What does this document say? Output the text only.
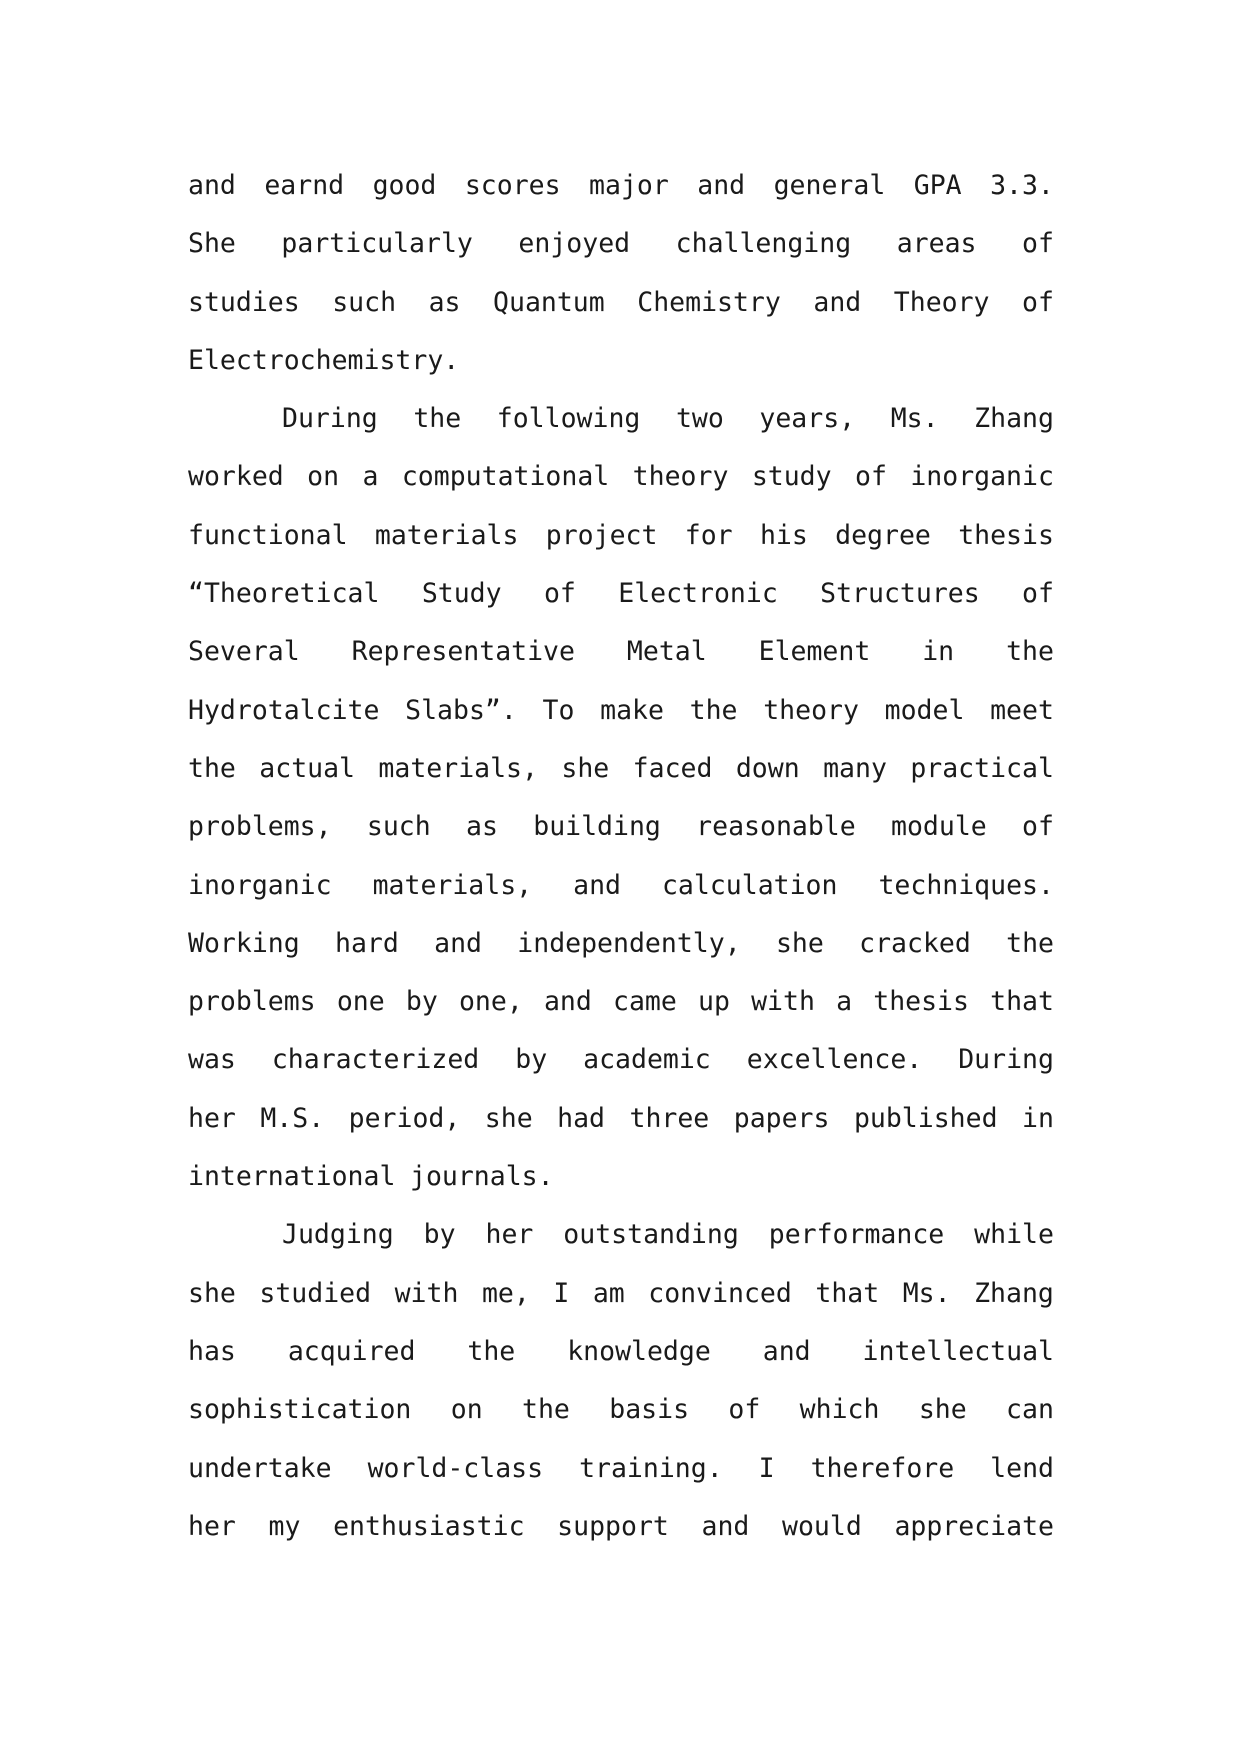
and earnd good scores major and general GPA 3.3.
She particularly enjoyed challenging areas of
studies such as Quantum Chemistry and Theory of
Electrochemistry.
During the following two years, Ms. Zhang
worked on a computational theory study of inorganic
functional materials project for his degree thesis
“Theoretical Study of Electronic Structures of
Several Representative Metal Element in the
Hydrotalcite Slabs”. To make the theory model meet
the actual materials, she faced down many practical
problems, such as building reasonable module of
inorganic materials, and calculation techniques.
Working hard and independently, she cracked the
problems one by one, and came up with a thesis that
was characterized by academic excellence. During
her M.S. period, she had three papers published in
international journals.
Judging by her outstanding performance while
she studied with me, I am convinced that Ms. Zhang
has acquired the knowledge and intellectual
sophistication on the basis of which she can
undertake world-class training. I therefore lend
her my enthusiastic support and would appreciate
